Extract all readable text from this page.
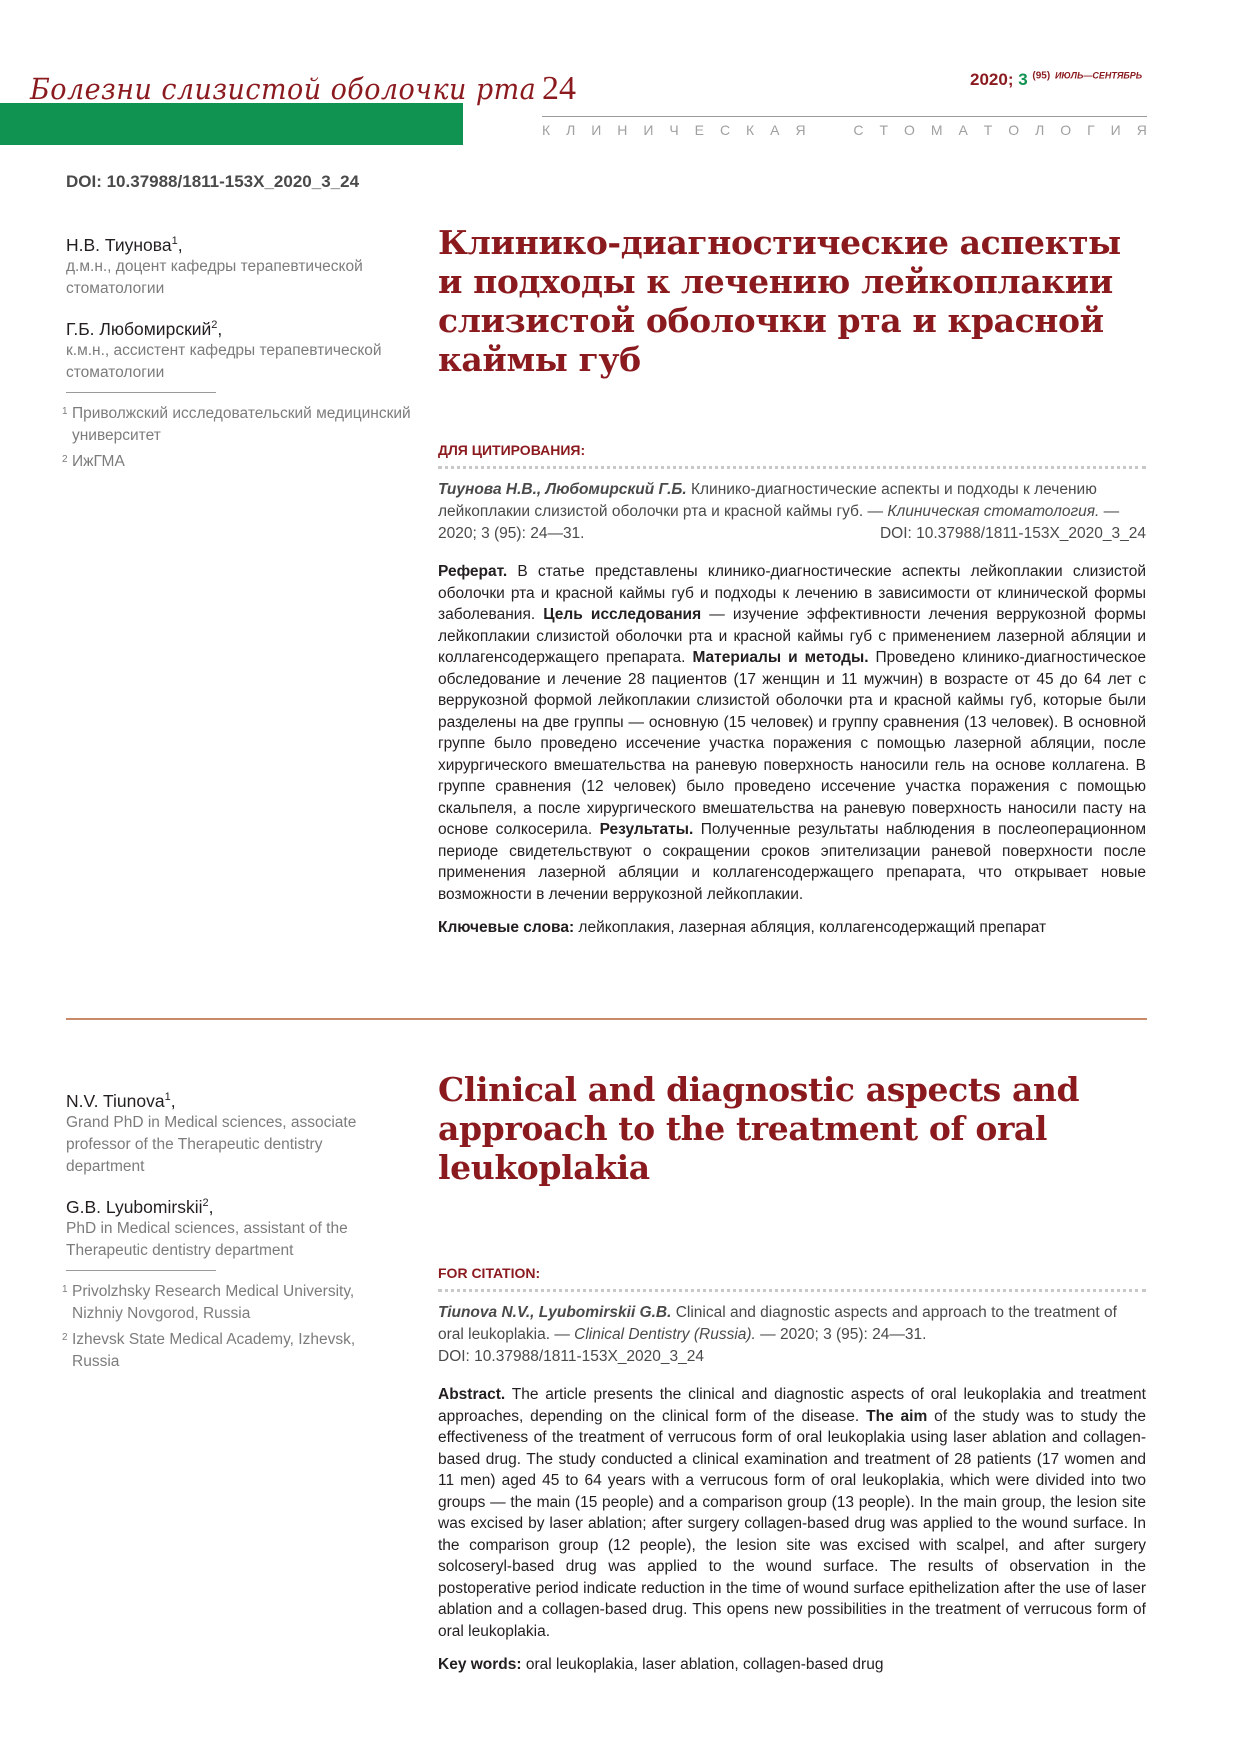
Болезни слизистой оболочки рта 24	2020; 3 $^{(95)}$ $^{ИЮЛЬ—СЕНТЯБРЬ}$
К Л И Н И Ч Е С К А Я	С Т О М А Т О Л О Г И Я
DOI: 10.37988/1811-153X_2020_3_24
Н.В. Тиунова$^1$,
д.м.н., доцент кафедры терапевтической стоматологии
Г.Б. Любомирский$^2$,
к.м.н., ассистент кафедры терапевтической стоматологии
1 Приволжский исследовательский медицинский университет
2 ИжГМА
Клинико-диагностические аспекты и подходы к лечению лейкоплакии слизистой оболочки рта и красной каймы губ
ДЛЯ ЦИТИРОВАНИЯ:
Тиунова Н.В., Любомирский Г.Б. Клинико-диагностические аспекты и подходы к лечению лейкоплакии слизистой оболочки рта и красной каймы губ. — Клиническая стоматология. — 2020; 3 (95): 24—31.	DOI: 10.37988/1811-153X_2020_3_24
Реферат. В статье представлены клинико-диагностические аспекты лейкоплакии слизистой оболочки рта и красной каймы губ и подходы к лечению в зависимости от клинической формы заболевания. Цель исследования — изучение эффективности лечения веррукозной формы лейкоплакии слизистой оболочки рта и красной каймы губ с применением лазерной абляции и коллагенсодержащего препарата. Материалы и методы. Проведено клинико-диагностическое обследование и лечение 28 пациентов (17 женщин и 11 мужчин) в возрасте от 45 до 64 лет с веррукозной формой лейкоплакии слизистой оболочки рта и красной каймы губ, которые были разделены на две группы — основную (15 человек) и группу сравнения (13 человек). В основной группе было проведено иссечение участка поражения с помощью лазерной абляции, после хирургического вмешательства на раневую поверхность наносили гель на основе коллагена. В группе сравнения (12 человек) было проведено иссечение участка поражения с помощью скальпеля, а после хирургического вмешательства на раневую поверхность наносили пасту на основе солкосерила. Результаты. Полученные результаты наблюдения в послеоперационном периоде свидетельствуют о сокращении сроков эпителизации раневой поверхности после применения лазерной абляции и коллагенсодержащего препарата, что открывает новые возможности в лечении веррукозной лейкоплакии.
Ключевые слова: лейкоплакия, лазерная абляция, коллагенсодержащий препарат
N.V. Tiunova$^1$,
Grand PhD in Medical sciences, associate professor of the Therapeutic dentistry department
G.B. Lyubomirskii$^2$,
PhD in Medical sciences, assistant of the Therapeutic dentistry department
1 Privolzhsky Research Medical University, Nizhniy Novgorod, Russia
2 Izhevsk State Medical Academy, Izhevsk, Russia
Clinical and diagnostic aspects and approach to the treatment of oral leukoplakia
FOR CITATION:
Tiunova N.V., Lyubomirskii G.B. Clinical and diagnostic aspects and approach to the treatment of oral leukoplakia. — Clinical Dentistry (Russia). — 2020; 3 (95): 24—31.
DOI: 10.37988/1811-153X_2020_3_24
Abstract. The article presents the clinical and diagnostic aspects of oral leukoplakia and treatment approaches, depending on the clinical form of the disease. The aim of the study was to study the effectiveness of the treatment of verrucous form of oral leukoplakia using laser ablation and collagen-based drug. The study conducted a clinical examination and treatment of 28 patients (17 women and 11 men) aged 45 to 64 years with a verrucous form of oral leukoplakia, which were divided into two groups — the main (15 people) and a comparison group (13 people). In the main group, the lesion site was excised by laser ablation; after surgery collagen-based drug was applied to the wound surface. In the comparison group (12 people), the lesion site was excised with scalpel, and after surgery solcoseryl-based drug was applied to the wound surface. The results of observation in the postoperative period indicate reduction in the time of wound surface epithelization after the use of laser ablation and a collagen-based drug. This opens new possibilities in the treatment of verrucous form of oral leukoplakia.
Key words: oral leukoplakia, laser ablation, collagen-based drug
